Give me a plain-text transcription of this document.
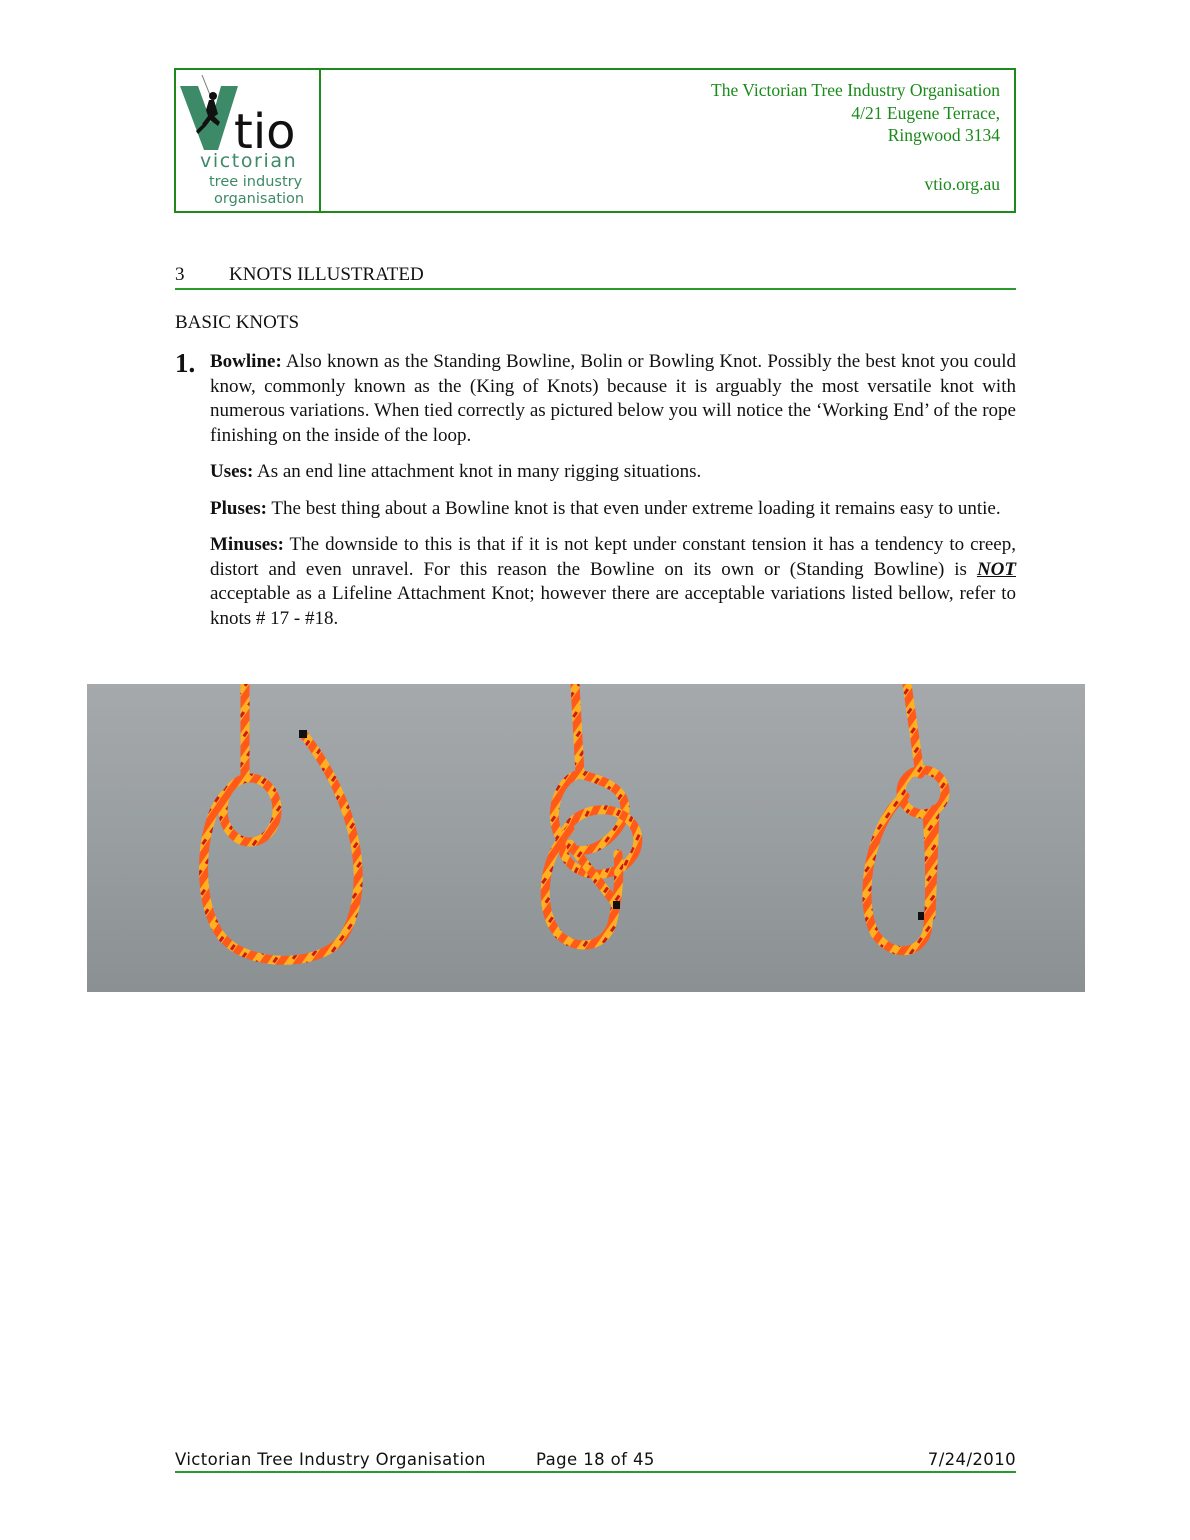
tio
victorian
tree industry
organisation
The Victorian Tree Industry Organisation
4/21 Eugene Terrace,
Ringwood 3134
vtio.org.au
3 KNOTS ILLUSTRATED
BASIC KNOTS
1. Bowline: Also known as the Standing Bowline, Bolin or Bowling Knot. Possibly the best knot you could know, commonly known as the (King of Knots) because it is arguably the most versatile knot with numerous variations. When tied correctly as pictured below you will notice the ‘Working End’ of the rope finishing on the inside of the loop.

Uses: As an end line attachment knot in many rigging situations.

Pluses: The best thing about a Bowline knot is that even under extreme loading it remains easy to untie.

Minuses: The downside to this is that if it is not kept under constant tension it has a tendency to creep, distort and even unravel. For this reason the Bowline on its own or (Standing Bowline) is NOT acceptable as a Lifeline Attachment Knot; however there are acceptable variations listed bellow, refer to knots # 17 - #18.

Victorian Tree Industry Organisation	Page 18 of 45	7/24/2010
